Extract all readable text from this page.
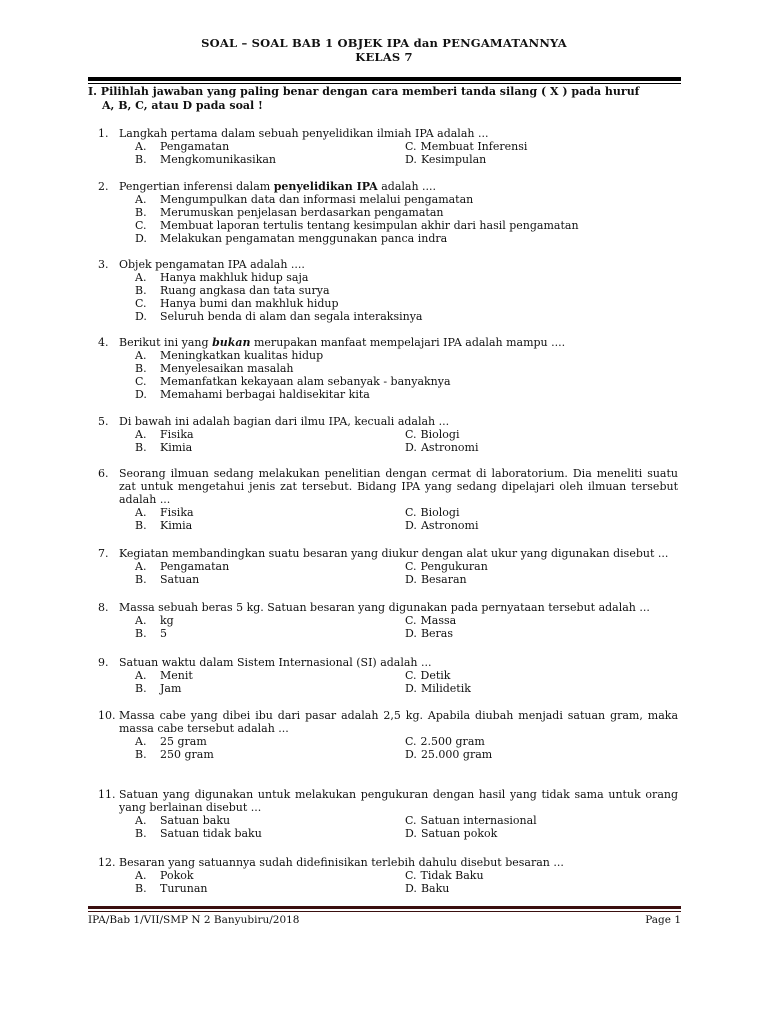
SOAL – SOAL BAB 1 OBJEK IPA dan PENGAMATANNYA
KELAS 7
I. Pilihlah jawaban yang paling benar dengan cara memberi tanda silang ( X ) pada huruf
A, B, C, atau D pada soal !
1. Langkah pertama dalam sebuah penyelidikan ilmiah IPA adalah ...
A.	Pengamatan	C. Membuat Inferensi
B.	Mengkomunikasikan	D. Kesimpulan
2. Pengertian inferensi dalam penyelidikan IPA adalah ....
A.	Mengumpulkan data dan informasi melalui pengamatan
B.	Merumuskan penjelasan berdasarkan pengamatan
C.	Membuat laporan tertulis tentang kesimpulan akhir dari hasil pengamatan
D.	Melakukan pengamatan menggunakan panca indra
3. Objek pengamatan IPA adalah ....
A.	Hanya makhluk hidup saja
B.	Ruang angkasa dan tata surya
C.	Hanya bumi dan makhluk hidup
D.	Seluruh benda di alam dan segala interaksinya
4. Berikut ini yang bukan merupakan manfaat mempelajari IPA adalah mampu ....
A.	Meningkatkan kualitas hidup
B.	Menyelesaikan masalah
C.	Memanfatkan kekayaan alam sebanyak - banyaknya
D.	Memahami berbagai haldisekitar kita
5. Di bawah ini adalah bagian dari ilmu IPA, kecuali adalah ...
A.	Fisika	C. Biologi
B.	Kimia	D. Astronomi
6. Seorang ilmuan sedang melakukan penelitian dengan cermat di laboratorium. Dia meneliti suatu zat untuk mengetahui jenis zat tersebut. Bidang IPA yang sedang dipelajari oleh ilmuan tersebut adalah ...
A.	Fisika	C. Biologi
B.	Kimia	D. Astronomi
7. Kegiatan membandingkan suatu besaran yang diukur dengan alat ukur yang digunakan disebut ...
A.	Pengamatan	C. Pengukuran
B.	Satuan	D. Besaran
8. Massa sebuah beras 5 kg. Satuan besaran yang digunakan pada pernyataan tersebut adalah ...
A.	kg	C. Massa
B.	5	D. Beras
9. Satuan waktu dalam Sistem Internasional (SI) adalah ...
A.	Menit	C. Detik
B.	Jam	D. Milidetik
10. Massa cabe yang dibei ibu dari pasar adalah 2,5 kg. Apabila diubah menjadi satuan gram, maka massa cabe tersebut adalah ...
A.	25 gram	C. 2.500 gram
B.	250 gram	D. 25.000 gram
11. Satuan yang digunakan untuk melakukan pengukuran dengan hasil yang tidak sama untuk orang yang berlainan disebut ...
A.	Satuan baku	C. Satuan internasional
B.	Satuan tidak baku	D. Satuan pokok
12. Besaran yang satuannya sudah didefinisikan terlebih dahulu disebut besaran ...
A.	Pokok	C. Tidak Baku
B.	Turunan	D. Baku
IPA/Bab 1/VII/SMP N 2 Banyubiru/2018	Page 1
